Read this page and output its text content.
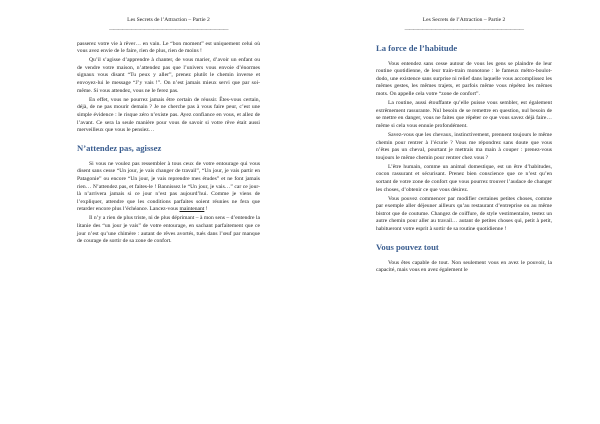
Les Secrets de l’Attraction – Partie 2
———————————————————————————

passerez votre vie à rêver… en vain. Le “bon moment” est uniquement celui où vous avez envie de le faire, rien de plus, rien de moins !

Qu’il s’agisse d’apprendre à chanter, de vous marier, d’avoir un enfant ou de vendre votre maison, n’attendez pas que l’univers vous envoie d’énormes signaux vous disant “Tu peux y aller”, prenez plutôt le chemin inverse et envoyez-lui le message “J’y vais !”. On n’est jamais mieux servi que par soi-même. Si vous attendez, vous ne le ferez pas.

En effet, vous ne pourrez jamais être certain de réussir. Êtes-vous certain, déjà, de ne pas mourir demain ? Je ne cherche pas à vous faire peur, c’est une simple évidence : le risque zéro n’existe pas. Ayez confiance en vous, et allez de l’avant. Ce sera la seule manière pour vous de savoir si votre rêve était aussi merveilleux que vous le pensiez…

N’attendez pas, agissez

Si vous ne voulez pas ressembler à tous ceux de votre entourage qui vous disent sans cesse “Un jour, je vais changer de travail”, “Un jour, je vais partir en Patagonie” ou encore “Un jour, je vais reprendre mes études” et ne font jamais rien… N’attendez pas, et faites-le ! Bannissez le “Un jour, je vais…” car ce jour-là n’arrivera jamais si ce jour n’est pas aujourd’hui. Comme je viens de l’expliquer, attendre que les conditions parfaites soient réunies ne fera que retarder encore plus l’échéance. Lancez-vous maintenant !

Il n’y a rien de plus triste, ni de plus déprimant – à mon sens – d’entendre la litanie des “un jour je vais” de votre entourage, en sachant parfaitement que ce jour n’est qu’une chimère : autant de rêves avortés, tués dans l’œuf par manque de courage de sortir de sa zone de confort.

Les Secrets de l’Attraction – Partie 2
———————————————————————————
La force de l’habitude

Vous entendez sans cesse autour de vous les gens se plaindre de leur routine quotidienne, de leur train-train monotone : le fameux métro-boulot-dodo, une existence sans surprise ni relief dans laquelle vous accomplissez les mêmes gestes, les mêmes trajets, et parfois même vous répétez les mêmes mots. On appelle cela votre “zone de confort”.

La routine, aussi étouffante qu’elle puisse vous sembler, est également extrêmement rassurante. Nul besoin de se remettre en question, nul besoin de se mettre en danger, vous ne faites que répéter ce que vous savez déjà faire… même si cela vous ennuie profondément.

Savez-vous que les chevaux, instinctivement, prennent toujours le même chemin pour rentrer à l’écurie ? Vous me répondrez sans doute que vous n’êtes pas un cheval, pourtant je mettrais ma main à couper : prenez-vous toujours le même chemin pour rentrer chez vous ?

L’être humain, comme un animal domestique, est un être d’habitudes, cocon rassurant et sécurisant. Prenez bien conscience que ce n’est qu’en sortant de votre zone de confort que vous pourrez trouver l’audace de changer les choses, d’obtenir ce que vous désirez.

Vous pouvez commencer par modifier certaines petites choses, comme par exemple aller déjeuner ailleurs qu’au restaurant d’entreprise ou au même bistrot que de coutume. Changez de coiffure, de style vestimentaire, testez un autre chemin pour aller au travail… autant de petites choses qui, petit à petit, habitueront votre esprit à sortir de sa routine quotidienne !

Vous pouvez tout

Vous êtes capable de tout. Non seulement vous en avez le pouvoir, la capacité, mais vous en avez également le
